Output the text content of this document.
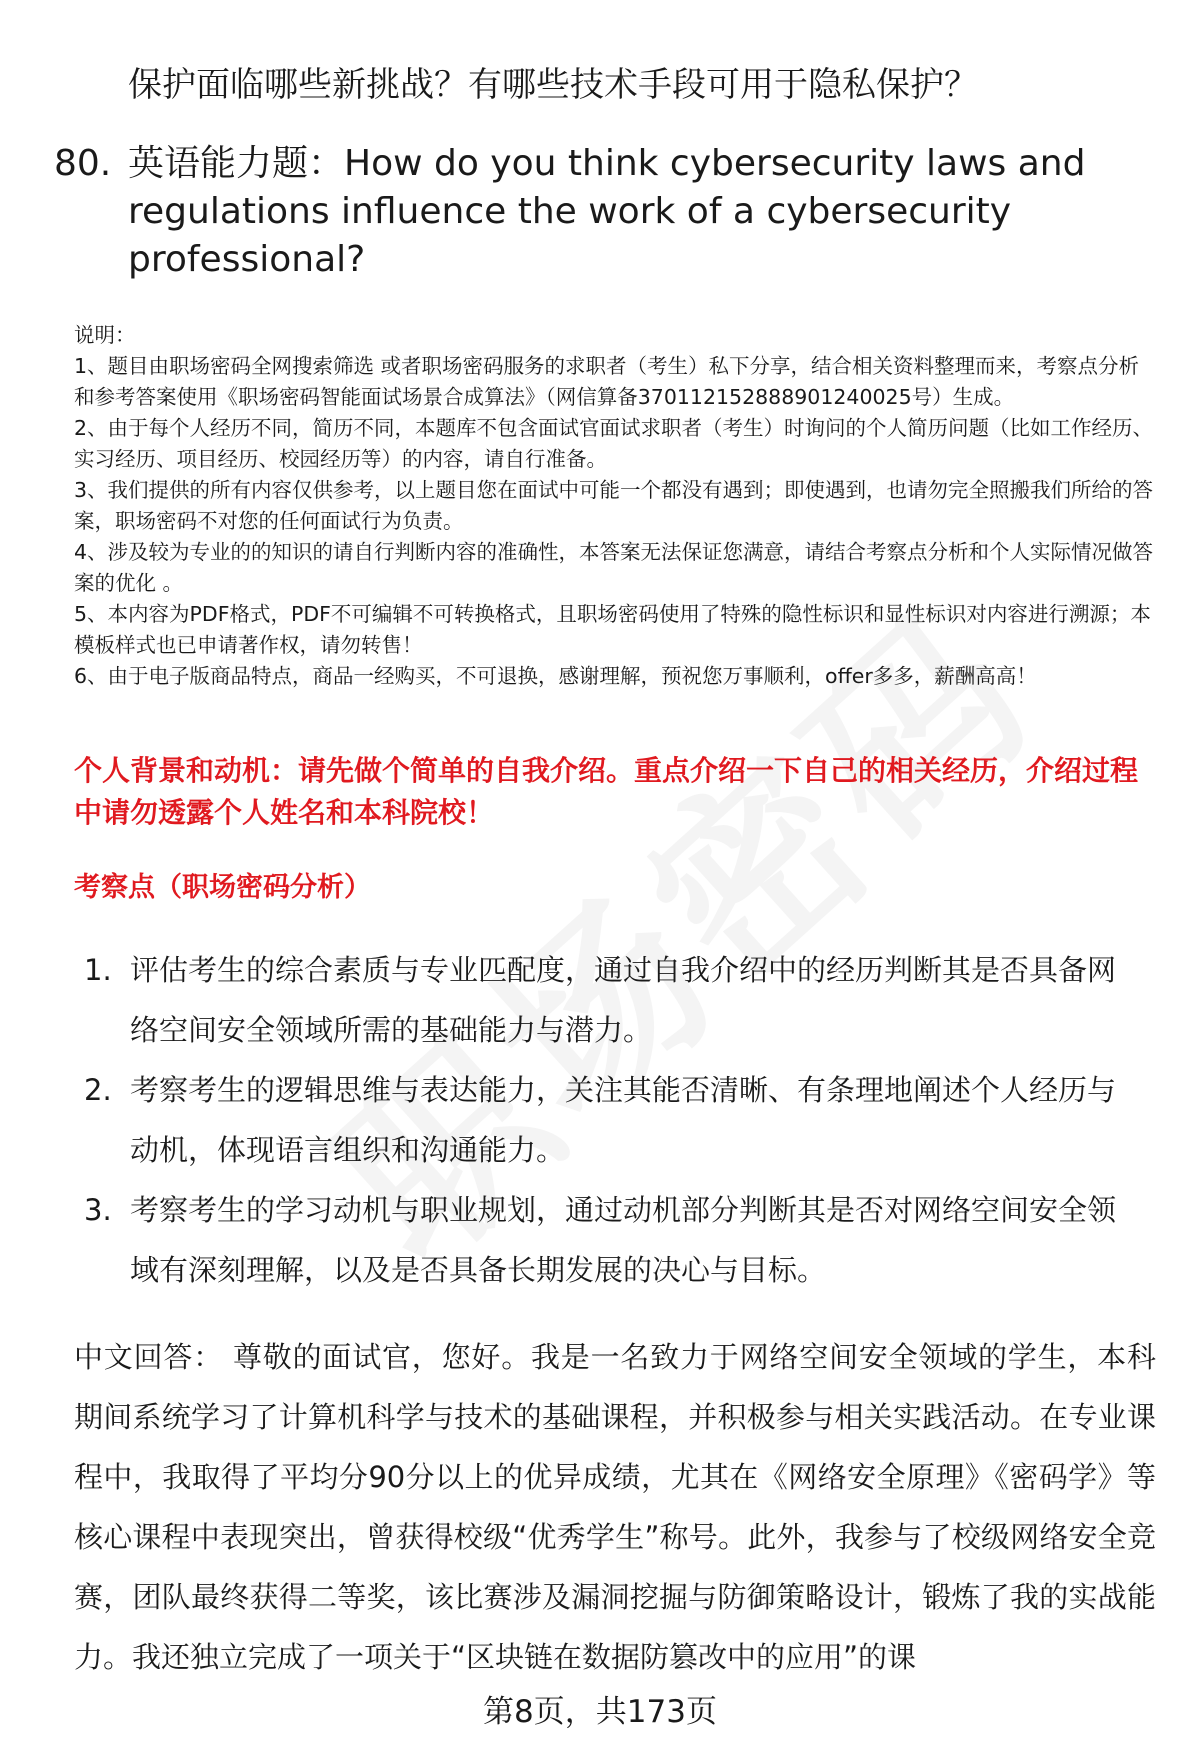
保护面临哪些新挑战？有哪些技术手段可用于隐私保护？
80. 英语能力题：How do you think cybersecurity laws and regulations influence the work of a cybersecurity professional?

说明：

1、题目由职场密码全网搜索筛选 或者职场密码服务的求职者（考生）私下分享，结合相关资料整理而来，考察点分析和参考答案使用《职场密码智能面试场景合成算法》（网信算备370112152888901240025号）生成。

2、由于每个人经历不同，简历不同，本题库不包含面试官面试求职者（考生）时询问的个人简历问题（比如工作经历、实习经历、项目经历、校园经历等）的内容，请自行准备。

3、我们提供的所有内容仅供参考，以上题目您在面试中可能一个都没有遇到；即使遇到，也请勿完全照搬我们所给的答案，职场密码不对您的任何面试行为负责。

4、涉及较为专业的的知识的请自行判断内容的准确性，本答案无法保证您满意，请结合考察点分析和个人实际情况做答案的优化 。

5、本内容为PDF格式，PDF不可编辑不可转换格式，且职场密码使用了特殊的隐性标识和显性标识对内容进行溯源；本模板样式也已申请著作权，请勿转售！

6、由于电子版商品特点，商品一经购买，不可退换，感谢理解，预祝您万事顺利，offer多多，薪酬高高！

个人背景和动机：请先做个简单的自我介绍。重点介绍一下自己的相关经历，介绍过程中请勿透露个人姓名和本科院校！
考察点（职场密码分析）
1. 评估考生的综合素质与专业匹配度，通过自我介绍中的经历判断其是否具备网络空间安全领域所需的基础能力与潜力。
2. 考察考生的逻辑思维与表达能力，关注其能否清晰、有条理地阐述个人经历与动机，体现语言组织和沟通能力。
3. 考察考生的学习动机与职业规划，通过动机部分判断其是否对网络空间安全领域有深刻理解，以及是否具备长期发展的决心与目标。
中文回答： 尊敬的面试官，您好。我是一名致力于网络空间安全领域的学生，本科期间系统学习了计算机科学与技术的基础课程，并积极参与相关实践活动。在专业课程中，我取得了平均分90分以上的优异成绩，尤其在《网络安全原理》《密码学》等核心课程中表现突出，曾获得校级“优秀学生”称号。此外，我参与了校级网络安全竞赛，团队最终获得二等奖，该比赛涉及漏洞挖掘与防御策略设计，锻炼了我的实战能力。我还独立完成了一项关于“区块链在数据防篡改中的应用”的课
第8页，共173页
